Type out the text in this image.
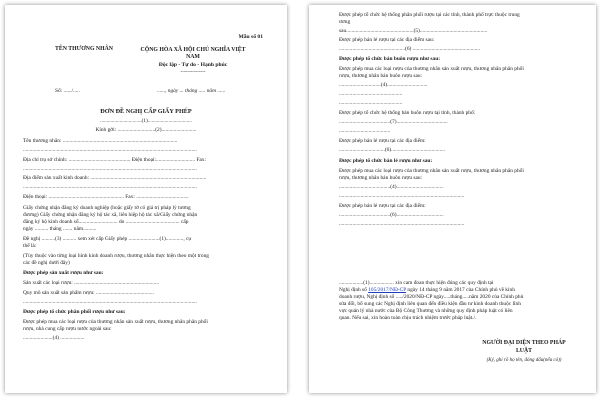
Mẫu số 01
TÊN THƯƠNG NHÂN	CỘNG HÒA XÃ HỘI CHỦ NGHĨA VIỆT NAM
Độc lập - Tự do - Hạnh phúc
---------------
Số: ....../.....	......, ngày ... tháng ..... năm ......
ĐƠN ĐỀ NGHỊ CẤP GIẤY PHÉP
................................(1)..................................
Kính gởi: ............................(2)..........................
Tên thương nhân: .....................................................................................
.................................................................................................................................
Địa chỉ trụ sở chính: .............................................. Điện thoại:............................. Fax:
.................................................................................................................................
Địa điểm sản xuất kinh doanh: ......................................................................................
.................................................................................................................................
Điện thoại: ........................................................ Fax: .......................................
Giấy chứng nhận đăng ký doanh nghiệp (hoặc giấy tờ có giá trị pháp lý tương
đương) Giấy chứng nhận đăng ký hộ tác xã, liên hiệp hộ tác xã/Giấy chứng nhận
đăng ký hộ kinh doanh số............................. do ........................................ cấp
ngày .......... tháng ....... năm..........
Đề nghị ..........(3) .......... xem xét cấp Giấy phép .......................(1)............., cụ
thể là:
(Tùy thuộc vào từng loại hình kinh doanh rượu, thương nhân thực hiện theo một trong
các đề nghị dưới đây)
Được phép sản xuất rượu như sau:
Sản xuất các loại rượu: ...............................................................
Quy mô sản xuất sản phẩm rượu: ...........................................
.................................................................................................................................
Được phép tổ chức phân phối rượu như sau:
Được phép mua các loại rượu của thương nhân sản xuất rượu, thương nhân phân phối
rượu, nhà cung cấp rượu nước ngoài sau:
......................(4) ..................
Được phép tổ chức hệ thống phân phối rượu tại các tỉnh, thành phố trực thuộc trung
ương
sau..................................................(5)..................................................
Được phép bán lẻ rượu tại các địa điểm sau:
.................................................(6) ..................................................
Được phép tổ chức bán buôn rượu như sau:
Được phép mua các loại rượu của thương nhân sản xuất rượu, thương nhân phân phối
rượu, thương nhân bán buôn rượu sau:
...............................(4)..............................
...............................................
...............................................
Được phép tổ chức hệ thống bán buôn rượu tại tỉnh, thành phố:
......................................(7)......................................
......................................
Được phép bán lẻ rượu tại các địa điểm:
..................................(6)........................................
Được phép tổ chức bán lẻ rượu như sau:
Được phép mua các loại rượu của thương nhân sản xuất rượu, thương nhân phân phối
rượu, thương nhân bán buôn rượu sau:
......................................(4)...................................
.............................................................................................
Được phép bán lẻ rượu tại các địa điểm:
......................................(6)...................................
.............................................................................................
..................(1).................. xin cam đoan thực hiện đúng các quy định tại
Nghị định số 105/2017/NĐ-CP ngày 14 tháng 9 năm 2017 của Chính phủ về kinh
doanh rượu, Nghị định số ...../2020/NĐ-CP ngày.....tháng.....năm 2020 của Chính phủ
sửa đổi, bổ sung các Nghị định liên quan đến điều kiện đầu tư kinh doanh thuộc lĩnh
vực quản lý nhà nước của Bộ Công Thương và những quy định pháp luật có liên
quan. Nếu sai, xin hoàn toàn chịu trách nhiệm trước pháp luật./.
NGƯỜI ĐẠI DIỆN THEO PHÁP
LUẬT
(Ký, ghi rõ họ tên, đóng dấu(nếu có))
